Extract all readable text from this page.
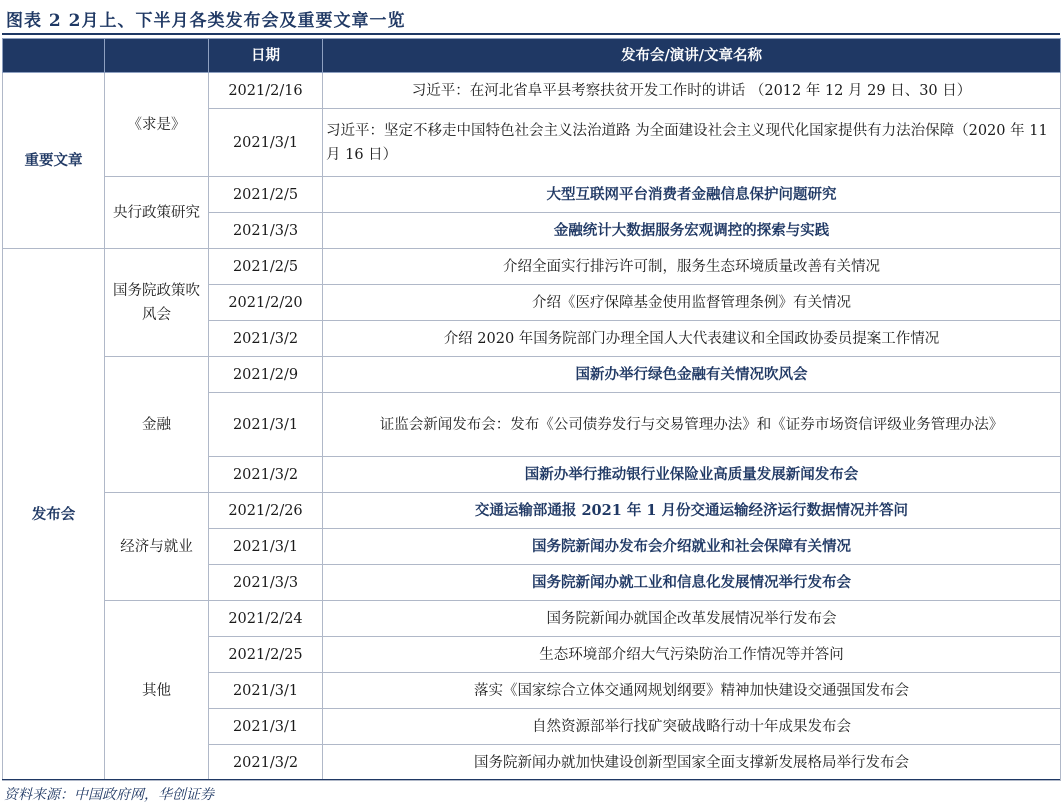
图表 2 2月上、下半月各类发布会及重要文章一览
		日期	发布会/演讲/文章名称
重要文章	《求是》	2021/2/16	习近平：在河北省阜平县考察扶贫开发工作时的讲话 （2012 年 12 月 29 日、30 日）
		2021/3/1	习近平：坚定不移走中国特色社会主义法治道路 为全面建设社会主义现代化国家提供有力法治保障（2020 年 11 月 16 日）
	央行政策研究	2021/2/5	大型互联网平台消费者金融信息保护问题研究
		2021/3/3	金融统计大数据服务宏观调控的探索与实践
发布会	国务院政策吹风会	2021/2/5	介绍全面实行排污许可制，服务生态环境质量改善有关情况
		2021/2/20	介绍《医疗保障基金使用监督管理条例》有关情况
		2021/3/2	介绍 2020 年国务院部门办理全国人大代表建议和全国政协委员提案工作情况
	金融	2021/2/9	国新办举行绿色金融有关情况吹风会
		2021/3/1	证监会新闻发布会：发布《公司债券发行与交易管理办法》和《证券市场资信评级业务管理办法》
		2021/3/2	国新办举行推动银行业保险业高质量发展新闻发布会
	经济与就业	2021/2/26	交通运输部通报 2021 年 1 月份交通运输经济运行数据情况并答问
		2021/3/1	国务院新闻办发布会介绍就业和社会保障有关情况
		2021/3/3	国务院新闻办就工业和信息化发展情况举行发布会
	其他	2021/2/24	国务院新闻办就国企改革发展情况举行发布会
		2021/2/25	生态环境部介绍大气污染防治工作情况等并答问
		2021/3/1	落实《国家综合立体交通网规划纲要》精神加快建设交通强国发布会
		2021/3/1	自然资源部举行找矿突破战略行动十年成果发布会
		2021/3/2	国务院新闻办就加快建设创新型国家全面支撑新发展格局举行发布会
资料来源：中国政府网，华创证券
